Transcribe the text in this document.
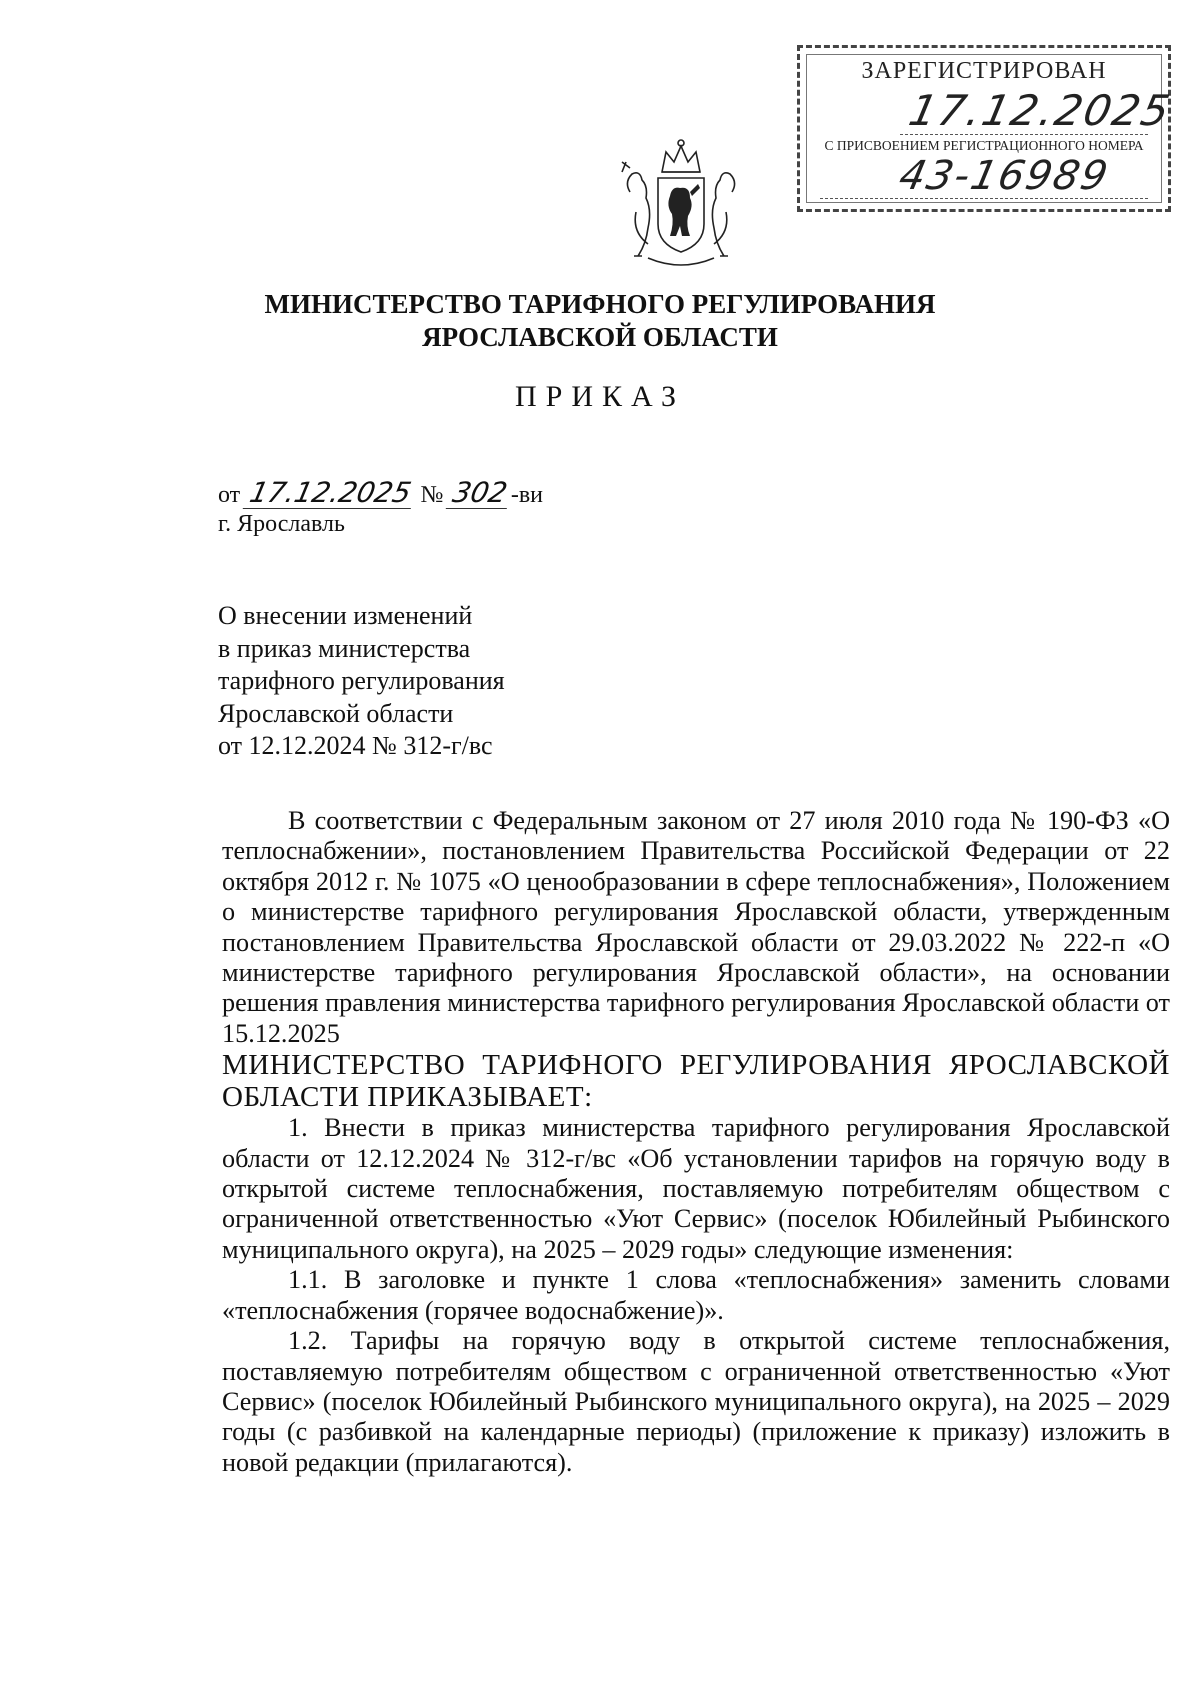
ЗАРЕГИСТРИРОВАН
17.12.2025
С ПРИСВОЕНИЕМ РЕГИСТРАЦИОННОГО НОМЕРА
43-16989
МИНИСТЕРСТВО ТАРИФНОГО РЕГУЛИРОВАНИЯ
ЯРОСЛАВСКОЙ ОБЛАСТИ
ПРИКАЗ
от 17.12.2025 № 302-ви
г. Ярославль
О внесении изменений
в приказ министерства
тарифного регулирования
Ярославской области
от 12.12.2024 № 312-г/вс

В соответствии с Федеральным законом от 27 июля 2010 года № 190-ФЗ «О теплоснабжении», постановлением Правительства Российской Федерации от 22 октября 2012 г. № 1075 «О ценообразовании в сфере теплоснабжения», Положением о министерстве тарифного регулирования Ярославской области, утвержденным постановлением Правительства Ярославской области от 29.03.2022 № 222-п «О министерстве тарифного регулирования Ярославской области», на основании решения правления министерства тарифного регулирования Ярославской области от 15.12.2025

МИНИСТЕРСТВО ТАРИФНОГО РЕГУЛИРОВАНИЯ ЯРОСЛАВСКОЙ ОБЛАСТИ ПРИКАЗЫВАЕТ:

1. Внести в приказ министерства тарифного регулирования Ярославской области от 12.12.2024 № 312-г/вс «Об установлении тарифов на горячую воду в открытой системе теплоснабжения, поставляемую потребителям обществом с ограниченной ответственностью «Уют Сервис» (поселок Юбилейный Рыбинского муниципального округа), на 2025 – 2029 годы» следующие изменения:

1.1. В заголовке и пункте 1 слова «теплоснабжения» заменить словами «теплоснабжения (горячее водоснабжение)».

1.2. Тарифы на горячую воду в открытой системе теплоснабжения, поставляемую потребителям обществом с ограниченной ответственностью «Уют Сервис» (поселок Юбилейный Рыбинского муниципального округа), на 2025 – 2029 годы (с разбивкой на календарные периоды) (приложение к приказу) изложить в новой редакции (прилагаются).
